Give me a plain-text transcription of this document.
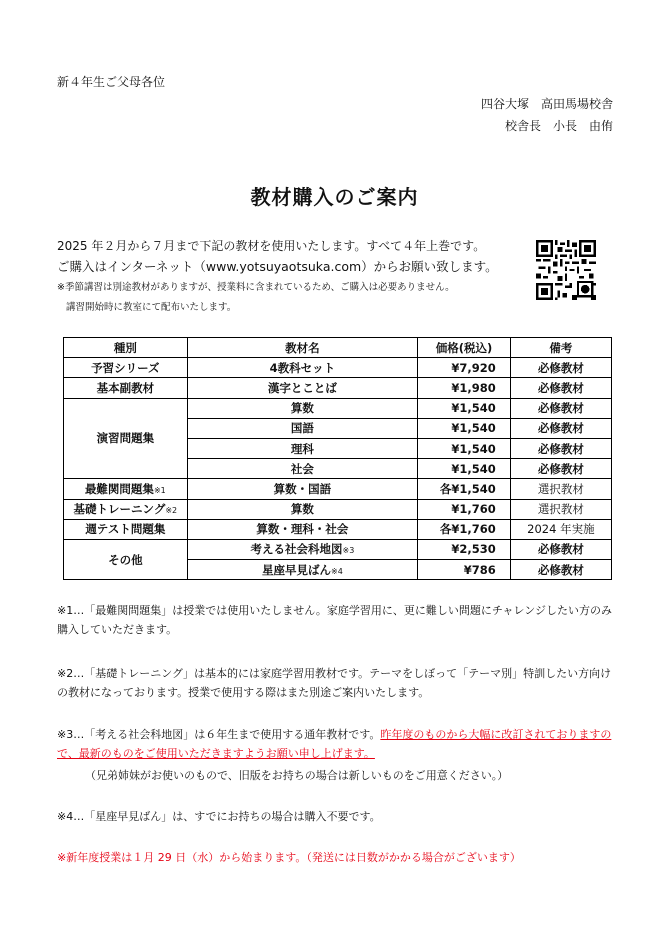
新４年生ご父母各位
四谷大塚　高田馬場校舎
校舎長　小長　由侑
教材購入のご案内
2025 年２月から７月まで下記の教材を使用いたします。すべて４年上巻です。
ご購入はインターネット（www.yotsuyaotsuka.com）からお願い致します。
※季節講習は別途教材がありますが、授業料に含まれているため、ご購入は必要ありません。
講習開始時に教室にて配布いたします。
種別	教材名	価格(税込)	備考
予習シリーズ	4教科セット	¥7,920	必修教材
基本副教材	漢字とことば	¥1,980	必修教材
演習問題集	算数	¥1,540	必修教材
	国語	¥1,540	必修教材
	理科	¥1,540	必修教材
	社会	¥1,540	必修教材
最難関問題集※1	算数・国語	各¥1,540	選択教材
基礎トレーニング※2	算数	¥1,760	選択教材
週テスト問題集	算数・理科・社会	各¥1,760	2024 年実施
その他	考える社会科地図※3	¥2,530	必修教材
	星座早見ばん※4	¥786	必修教材
※1…「最難関問題集」は授業では使用いたしません。家庭学習用に、更に難しい問題にチャレンジしたい方のみ購入していただきます。
※2…「基礎トレーニング」は基本的には家庭学習用教材です。テーマをしぼって「テーマ別」特訓したい方向けの教材になっております。授業で使用する際はまた別途ご案内いたします。
※3…「考える社会科地図」は６年生まで使用する通年教材です。昨年度のものから大幅に改訂されておりますので、最新のものをご使用いただきますようお願い申し上げます。
（兄弟姉妹がお使いのもので、旧版をお持ちの場合は新しいものをご用意ください。）
※4…「星座早見ばん」は、すでにお持ちの場合は購入不要です。
※新年度授業は１月 29 日（水）から始まります。（発送には日数がかかる場合がございます）
